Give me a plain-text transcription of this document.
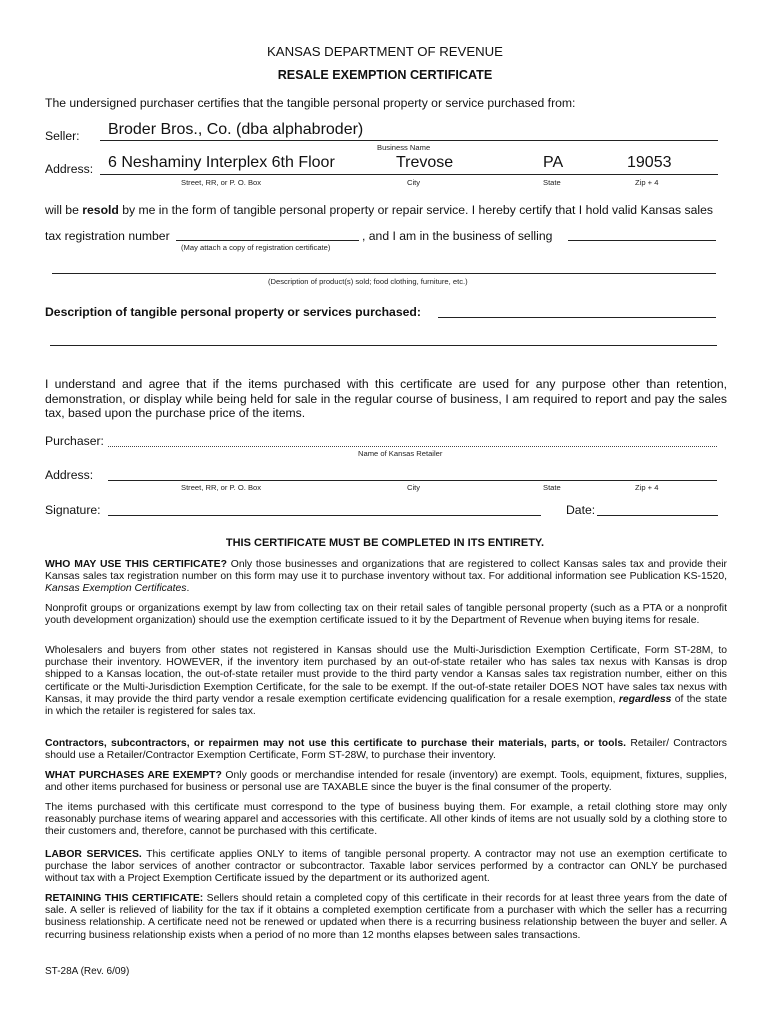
KANSAS DEPARTMENT OF REVENUE
RESALE EXEMPTION CERTIFICATE
The undersigned purchaser certifies that the tangible personal property or service purchased from:
Seller: Broder Bros., Co. (dba alphabroder)
Business Name
Address: 6 Neshaminy Interplex 6th Floor	Trevose	PA	19053
Street, RR, or P. O. Box	City	State	Zip + 4
will be resold by me in the form of tangible personal property or repair service. I hereby certify that I hold valid Kansas sales
tax registration number	, and I am in the business of selling
(May attach a copy of registration certificate)
(Description of product(s) sold; food clothing, furniture, etc.)
Description of tangible personal property or services purchased:
I understand and agree that if the items purchased with this certificate are used for any purpose other than retention, demonstration, or display while being held for sale in the regular course of business, I am required to report and pay the sales tax, based upon the purchase price of the items.
Purchaser:
Name of Kansas Retailer
Address:
Street, RR, or P. O. Box	City	State	Zip + 4
Signature:	Date:
THIS CERTIFICATE MUST BE COMPLETED IN ITS ENTIRETY.
WHO MAY USE THIS CERTIFICATE? Only those businesses and organizations that are registered to collect Kansas sales tax and provide their Kansas sales tax registration number on this form may use it to purchase inventory without tax. For additional information see Publication KS-1520, Kansas Exemption Certificates.
Nonprofit groups or organizations exempt by law from collecting tax on their retail sales of tangible personal property (such as a PTA or a nonprofit youth development organization) should use the exemption certificate issued to it by the Department of Revenue when buying items for resale.
Wholesalers and buyers from other states not registered in Kansas should use the Multi-Jurisdiction Exemption Certificate, Form ST-28M, to purchase their inventory. HOWEVER, if the inventory item purchased by an out-of-state retailer who has sales tax nexus with Kansas is drop shipped to a Kansas location, the out-of-state retailer must provide to the third party vendor a Kansas sales tax registration number, either on this certificate or the Multi-Jurisdiction Exemption Certificate, for the sale to be exempt. If the out-of-state retailer DOES NOT have sales tax nexus with Kansas, it may provide the third party vendor a resale exemption certificate evidencing qualification for a resale exemption, regardless of the state in which the retailer is registered for sales tax.
Contractors, subcontractors, or repairmen may not use this certificate to purchase their materials, parts, or tools. Retailer/ Contractors should use a Retailer/Contractor Exemption Certificate, Form ST-28W, to purchase their inventory.
WHAT PURCHASES ARE EXEMPT? Only goods or merchandise intended for resale (inventory) are exempt. Tools, equipment, fixtures, supplies, and other items purchased for business or personal use are TAXABLE since the buyer is the final consumer of the property.
The items purchased with this certificate must correspond to the type of business buying them. For example, a retail clothing store may only reasonably purchase items of wearing apparel and accessories with this certificate. All other kinds of items are not usually sold by a clothing store to their customers and, therefore, cannot be purchased with this certificate.
LABOR SERVICES. This certificate applies ONLY to items of tangible personal property. A contractor may not use an exemption certificate to purchase the labor services of another contractor or subcontractor. Taxable labor services performed by a contractor can ONLY be purchased without tax with a Project Exemption Certificate issued by the department or its authorized agent.
RETAINING THIS CERTIFICATE: Sellers should retain a completed copy of this certificate in their records for at least three years from the date of sale. A seller is relieved of liability for the tax if it obtains a completed exemption certificate from a purchaser with which the seller has a recurring business relationship. A certificate need not be renewed or updated when there is a recurring business relationship between the buyer and seller. A recurring business relationship exists when a period of no more than 12 months elapses between sales transactions.
ST-28A (Rev. 6/09)
